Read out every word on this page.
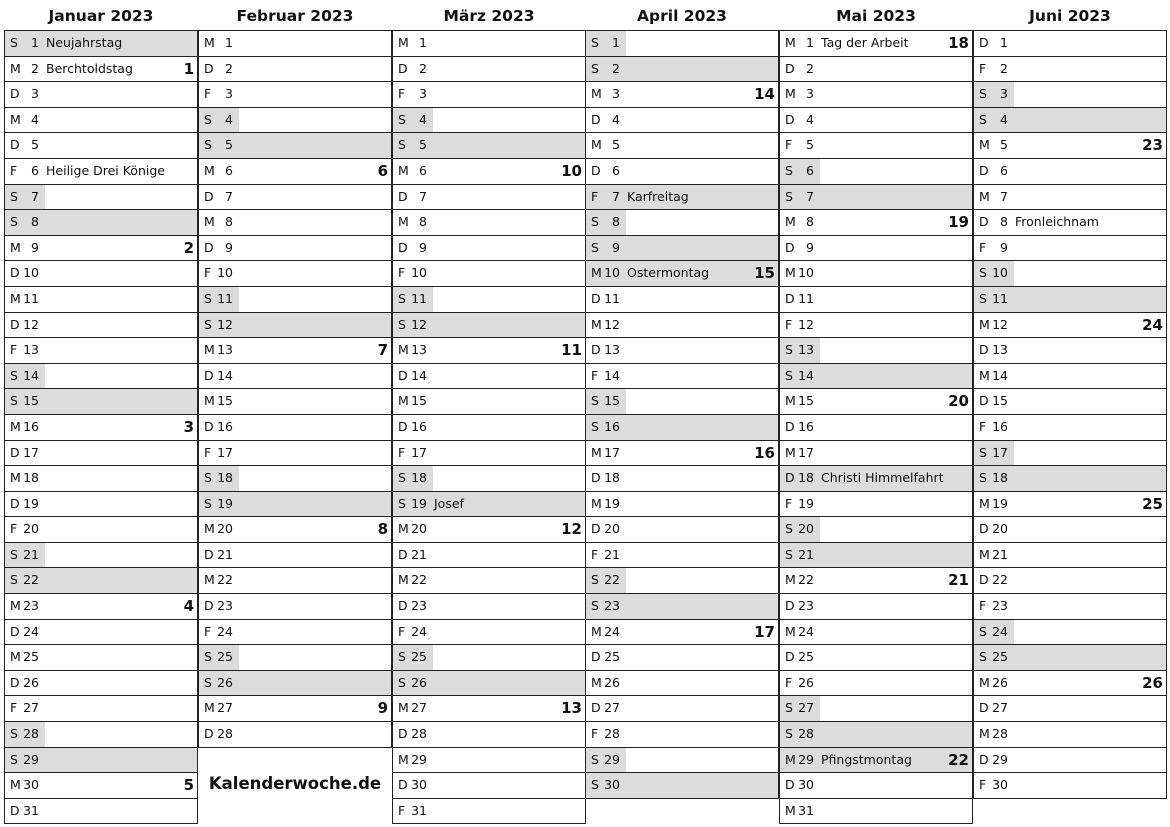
Januar 2023
S	1 Neujahrstag
M 2 Berchtoldstag	1
D 3
M 4
D 5
F	6 Heilige Drei Könige
S	7
S	8
M 9	2
D 10
M 11
D 12
F 13
S 14
S 15
M 16	3
D 17
M 18
D 19
F 20
S 21
S 22
M 23	4
D 24
M 25
D 26
F 27
S 28
S 29
M 30	5
D 31
Februar 2023
M 1
D 2
F	3
S	4
S	5
M 6	6
D 7
M 8
D 9
F 10
S 11
S 12
M 13	7
D 14
M 15
D 16
F 17
S 18
S 19
M 20	8
D 21
M 22
D 23
F 24
S 25
S 26
M 27	9
D 28
März 2023
M 1
D 2
F	3
S	4
S	5
M 6	10
D 7
M 8
D 9
F 10
S 11
S 12
M 13	11
D 14
M 15
D 16
F 17
S 18
S 19 Josef
M 20	12
D 21
M 22
D 23
F 24
S 25
S 26
M 27	13
D 28
M 29
D 30
F 31
April 2023
S	1
S	2
M 3	14
D 4
M 5
D 6
F	7 Karfreitag
S	8
S	9
M 10 Ostermontag	15
D 11
M 12
D 13
F 14
S 15
S 16
M 17	16
D 18
M 19
D 20
F 21
S 22
S 23
M 24	17
D 25
M 26
D 27
F 28
S 29
S 30
Mai 2023
M 1 Tag der Arbeit	18
D 2
M 3
D 4
F	5
S	6
S	7
M 8	19
D 9
M 10
D 11
F 12
S 13
S 14
M 15	20
D 16
M 17
D 18 Christi Himmelfahrt
F 19
S 20
S 21
M 22	21
D 23
M 24
D 25
F 26
S 27
S 28
M 29 Pfingstmontag 22
D 30
M 31
Juni 2023
D 1
F	2
S	3
S	4
M 5	23
D 6
M 7
D 8 Fronleichnam
F	9
S 10
S 11
M 12	24
D 13
M 14
D 15
F 16
S 17
S 18
M 19	25
D 20
M 21
D 22
F 23
S 24
S 25
M 26	26
D 27
M 28
D 29
F 30
Kalenderwoche.de
